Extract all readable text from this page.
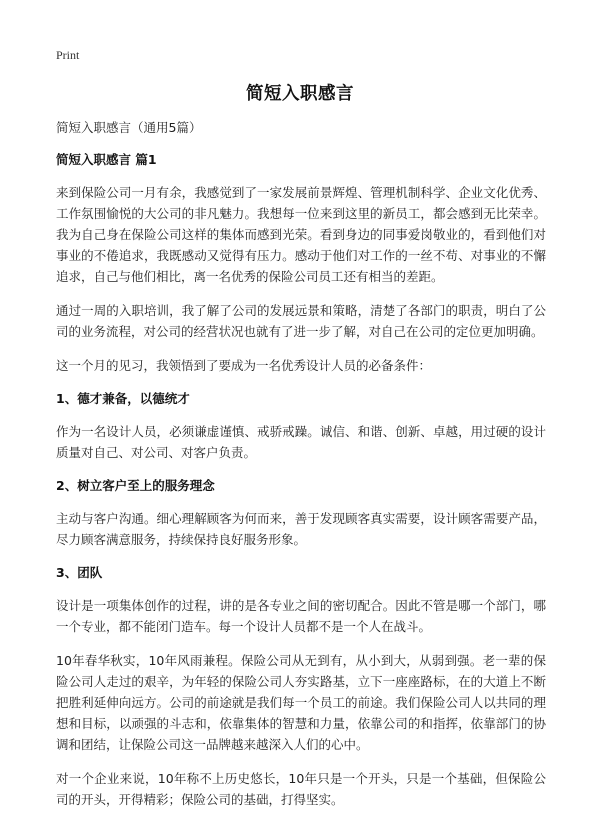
Print
简短入职感言

简短入职感言（通用5篇）

简短入职感言 篇1

来到保险公司一月有余，我感觉到了一家发展前景辉煌、管理机制科学、企业文化优秀、工作氛围愉悦的大公司的非凡魅力。我想每一位来到这里的新员工，都会感到无比荣幸。我为自己身在保险公司这样的集体而感到光荣。看到身边的同事爱岗敬业的，看到他们对事业的不倦追求，我既感动又觉得有压力。感动于他们对工作的一丝不苟、对事业的不懈追求，自己与他们相比，离一名优秀的保险公司员工还有相当的差距。

通过一周的入职培训，我了解了公司的发展远景和策略，清楚了各部门的职责，明白了公司的业务流程，对公司的经营状况也就有了进一步了解，对自己在公司的定位更加明确。

这一个月的见习，我领悟到了要成为一名优秀设计人员的必备条件：

1、德才兼备，以德统才

作为一名设计人员，必须谦虚谨慎、戒骄戒躁。诚信、和谐、创新、卓越，用过硬的设计质量对自己、对公司、对客户负责。

2、树立客户至上的服务理念

主动与客户沟通。细心理解顾客为何而来，善于发现顾客真实需要，设计顾客需要产品，尽力顾客满意服务，持续保持良好服务形象。

3、团队

设计是一项集体创作的过程，讲的是各专业之间的密切配合。因此不管是哪一个部门，哪一个专业，都不能闭门造车。每一个设计人员都不是一个人在战斗。

10年春华秋实，10年风雨兼程。保险公司从无到有，从小到大，从弱到强。老一辈的保险公司人走过的艰辛，为年轻的保险公司人夯实路基，立下一座座路标，在的大道上不断把胜利延伸向远方。公司的前途就是我们每一个员工的前途。我们保险公司人以共同的理想和目标，以顽强的斗志和，依靠集体的智慧和力量，依靠公司的和指挥，依靠部门的协调和团结，让保险公司这一品牌越来越深入人们的心中。

对一个企业来说，10年称不上历史悠长，10年只是一个开头，只是一个基础，但保险公司的开头，开得精彩；保险公司的基础，打得坚实。
